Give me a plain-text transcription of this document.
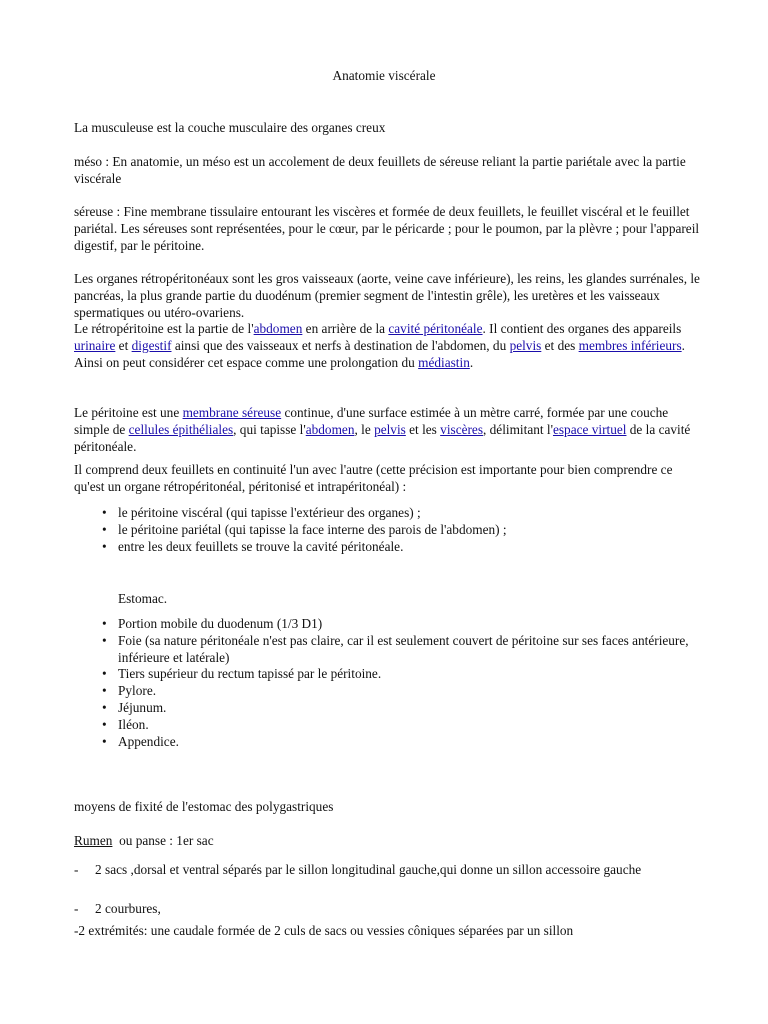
Anatomie viscérale

La musculeuse est la couche musculaire des organes creux

méso : En anatomie, un méso est un accolement de deux feuillets de séreuse reliant la partie pariétale avec la partie viscérale

séreuse : Fine membrane tissulaire entourant les viscères et formée de deux feuillets, le feuillet viscéral et le feuillet pariétal. Les séreuses sont représentées, pour le cœur, par le péricarde ; pour le poumon, par la plèvre ; pour l'appareil digestif, par le péritoine.

Les organes rétropéritonéaux sont les gros vaisseaux (aorte, veine cave inférieure), les reins, les glandes surrénales, le pancréas, la plus grande partie du duodénum (premier segment de l'intestin grêle), les uretères et les vaisseaux spermatiques ou utéro-ovariens.
Le rétropéritoine est la partie de l'abdomen en arrière de la cavité péritonéale. Il contient des organes des appareils urinaire et digestif ainsi que des vaisseaux et nerfs à destination de l'abdomen, du pelvis et des membres inférieurs. Ainsi on peut considérer cet espace comme une prolongation du médiastin.

Le péritoine est une membrane séreuse continue, d'une surface estimée à un mètre carré, formée par une couche simple de cellules épithéliales, qui tapisse l'abdomen, le pelvis et les viscères, délimitant l'espace virtuel de la cavité péritonéale.

Il comprend deux feuillets en continuité l'un avec l'autre (cette précision est importante pour bien comprendre ce qu'est un organe rétropéritonéal, péritonisé et intrapéritonéal) :

• le péritoine viscéral (qui tapisse l'extérieur des organes) ;
• le péritoine pariétal (qui tapisse la face interne des parois de l'abdomen) ;
• entre les deux feuillets se trouve la cavité péritonéale.

Estomac.

• Portion mobile du duodenum (1/3 D1)
• Foie (sa nature péritonéale n'est pas claire, car il est seulement couvert de péritoine sur ses faces antérieure, inférieure et latérale)
• Tiers supérieur du rectum tapissé par le péritoine.
• Pylore.
• Jéjunum.
• Iléon.
• Appendice.

moyens de fixité de l'estomac des polygastriques

Rumen  ou panse : 1er sac

-     2 sacs ,dorsal et ventral séparés par le sillon longitudinal gauche,qui donne un sillon accessoire gauche

-     2 courbures,

-2 extrémités: une caudale formée de 2 culs de sacs ou vessies côniques séparées par un sillon
